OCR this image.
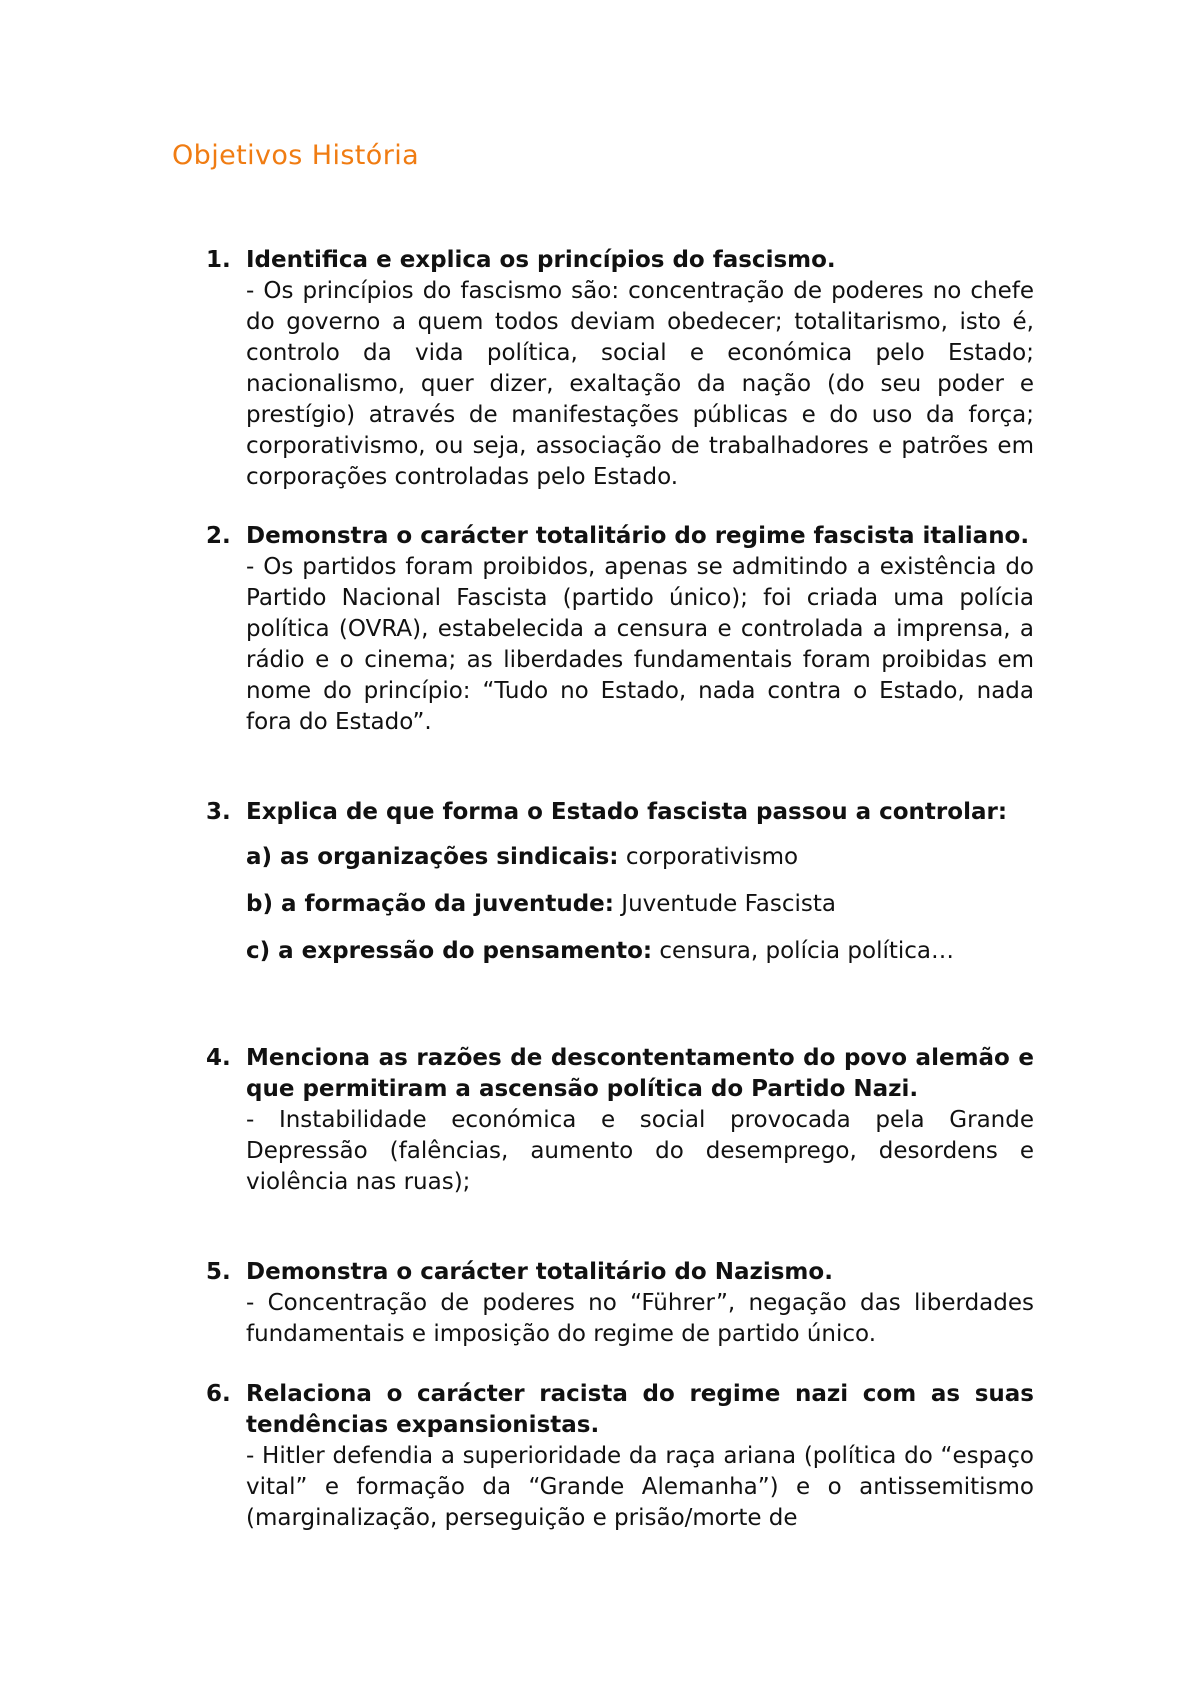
Objetivos História
1. Identifica e explica os princípios do fascismo.
- Os princípios do fascismo são: concentração de poderes no chefe do governo a quem todos deviam obedecer; totalitarismo, isto é, controlo da vida política, social e económica pelo Estado; nacionalismo, quer dizer, exaltação da nação (do seu poder e prestígio) através de manifestações públicas e do uso da força; corporativismo, ou seja, associação de trabalhadores e patrões em corporações controladas pelo Estado.
2. Demonstra o carácter totalitário do regime fascista italiano.
- Os partidos foram proibidos, apenas se admitindo a existência do Partido Nacional Fascista (partido único); foi criada uma polícia política (OVRA), estabelecida a censura e controlada a imprensa, a rádio e o cinema; as liberdades fundamentais foram proibidas em nome do princípio: “Tudo no Estado, nada contra o Estado, nada fora do Estado”.
3. Explica de que forma o Estado fascista passou a controlar:
a) as organizações sindicais: corporativismo
b) a formação da juventude: Juventude Fascista
c) a expressão do pensamento: censura, polícia política…
4. Menciona as razões de descontentamento do povo alemão e que permitiram a ascensão política do Partido Nazi.
- Instabilidade económica e social provocada pela Grande Depressão (falências, aumento do desemprego, desordens e violência nas ruas);
5. Demonstra o carácter totalitário do Nazismo.
- Concentração de poderes no “Führer”, negação das liberdades fundamentais e imposição do regime de partido único.
6. Relaciona o carácter racista do regime nazi com as suas tendências expansionistas.
- Hitler defendia a superioridade da raça ariana (política do “espaço vital” e formação da “Grande Alemanha”) e o antissemitismo (marginalização, perseguição e prisão/morte de
